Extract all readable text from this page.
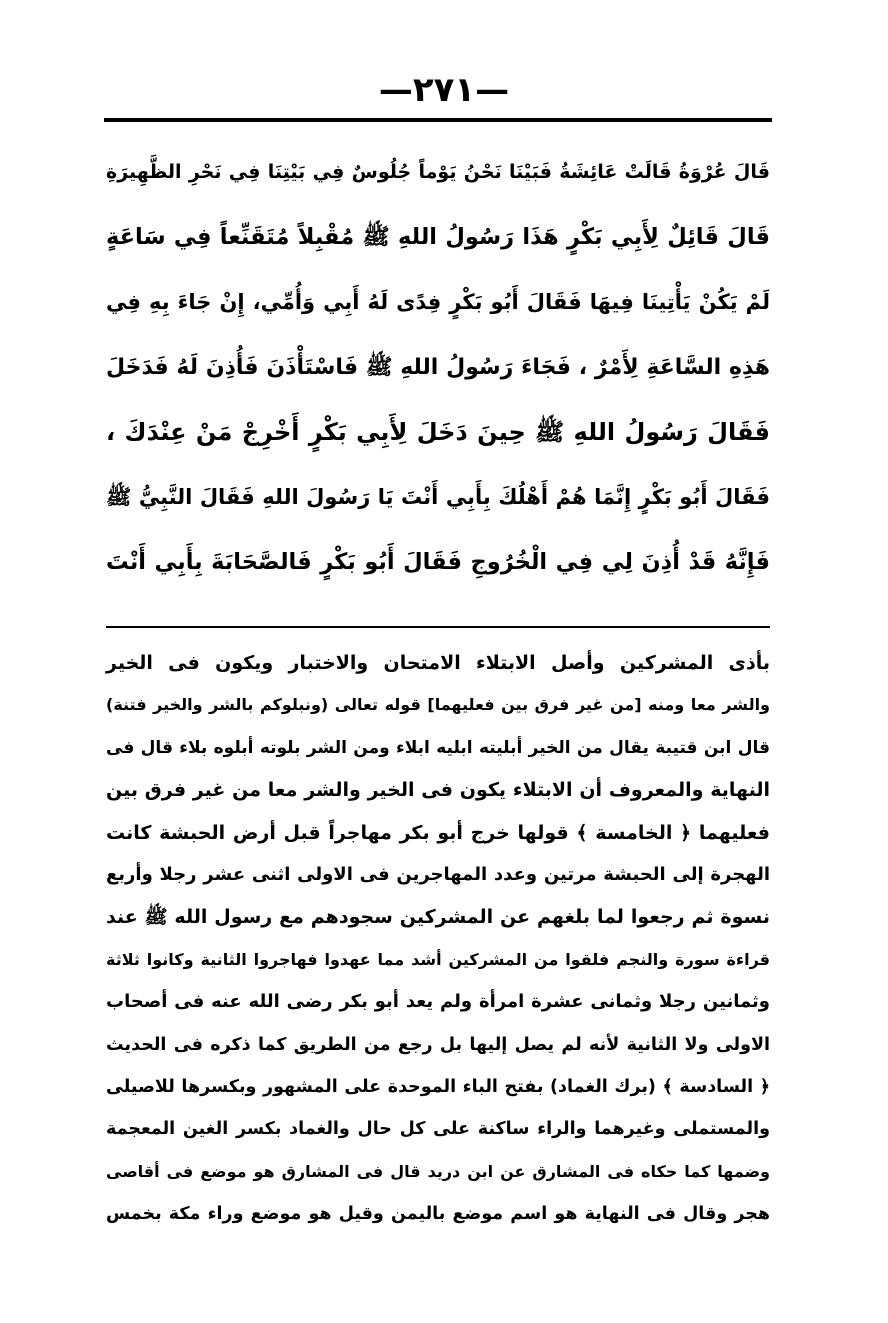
—٢٧١—
قَالَ عُرْوَةُ قَالَتْ عَائِشَةُ فَبَيْنَا نَحْنُ يَوْماً جُلُوسٌ فِي بَيْتِنَا فِي نَحْرِ الظَّهِيرَةِ
قَالَ قَائِلٌ لِأَبِي بَكْرٍ هَذَا رَسُولُ اللهِ ﷺ مُقْبِلاً مُتَقَنِّعاً فِي سَاعَةٍ
لَمْ يَكُنْ يَأْتِينَا فِيهَا فَقَالَ أَبُو بَكْرٍ فِدًى لَهُ أَبِي وَأُمِّي، إِنْ جَاءَ بِهِ فِي
هَذِهِ السَّاعَةِ لِأَمْرٌ ، فَجَاءَ رَسُولُ اللهِ ﷺ فَاسْتَأْذَنَ فَأُذِنَ لَهُ فَدَخَلَ
فَقَالَ رَسُولُ اللهِ ﷺ حِينَ دَخَلَ لِأَبِي بَكْرٍ أَخْرِجْ مَنْ عِنْدَكَ ،
فَقَالَ أَبُو بَكْرٍ إِنَّمَا هُمْ أَهْلُكَ بِأَبِي أَنْتَ يَا رَسُولَ اللهِ فَقَالَ النَّبِيُّ ﷺ
فَإِنَّهُ قَدْ أُذِنَ لِي فِي الْخُرُوجِ فَقَالَ أَبُو بَكْرٍ فَالصَّحَابَةَ بِأَبِي أَنْتَ
بأذى المشركين وأصل الابتلاء الامتحان والاختبار ويكون فى الخير
والشر معا ومنه [من غير فرق بين فعليهما] قوله تعالى (ونبلوكم بالشر والخير فتنة)
قال ابن قتيبة يقال من الخير أبليته ابليه ابلاء ومن الشر بلوته أبلوه بلاء قال فى
النهاية والمعروف أن الابتلاء يكون فى الخير والشر معا من غير فرق بين
فعليهما ﴿ الخامسة ﴾ قولها خرج أبو بكر مهاجراً قبل أرض الحبشة كانت
الهجرة إلى الحبشة مرتين وعدد المهاجرين فى الاولى اثنى عشر رجلا وأربع
نسوة ثم رجعوا لما بلغهم عن المشركين سجودهم مع رسول الله ﷺ عند
قراءة سورة والنجم فلقوا من المشركين أشد مما عهدوا فهاجروا الثانية وكانوا ثلاثة
وثمانين رجلا وثمانى عشرة امرأة ولم يعد أبو بكر رضى الله عنه فى أصحاب
الاولى ولا الثانية لأنه لم يصل إليها بل رجع من الطريق كما ذكره فى الحديث
﴿ السادسة ﴾ (برك الغماد) بفتح الباء الموحدة على المشهور وبكسرها للاصيلى
والمستملى وغيرهما والراء ساكنة على كل حال والغماد بكسر الغين المعجمة
وضمها كما حكاه فى المشارق عن ابن دريد قال فى المشارق هو موضع فى أقاصى
هجر وقال فى النهاية هو اسم موضع باليمن وقيل هو موضع وراء مكة بخمس
